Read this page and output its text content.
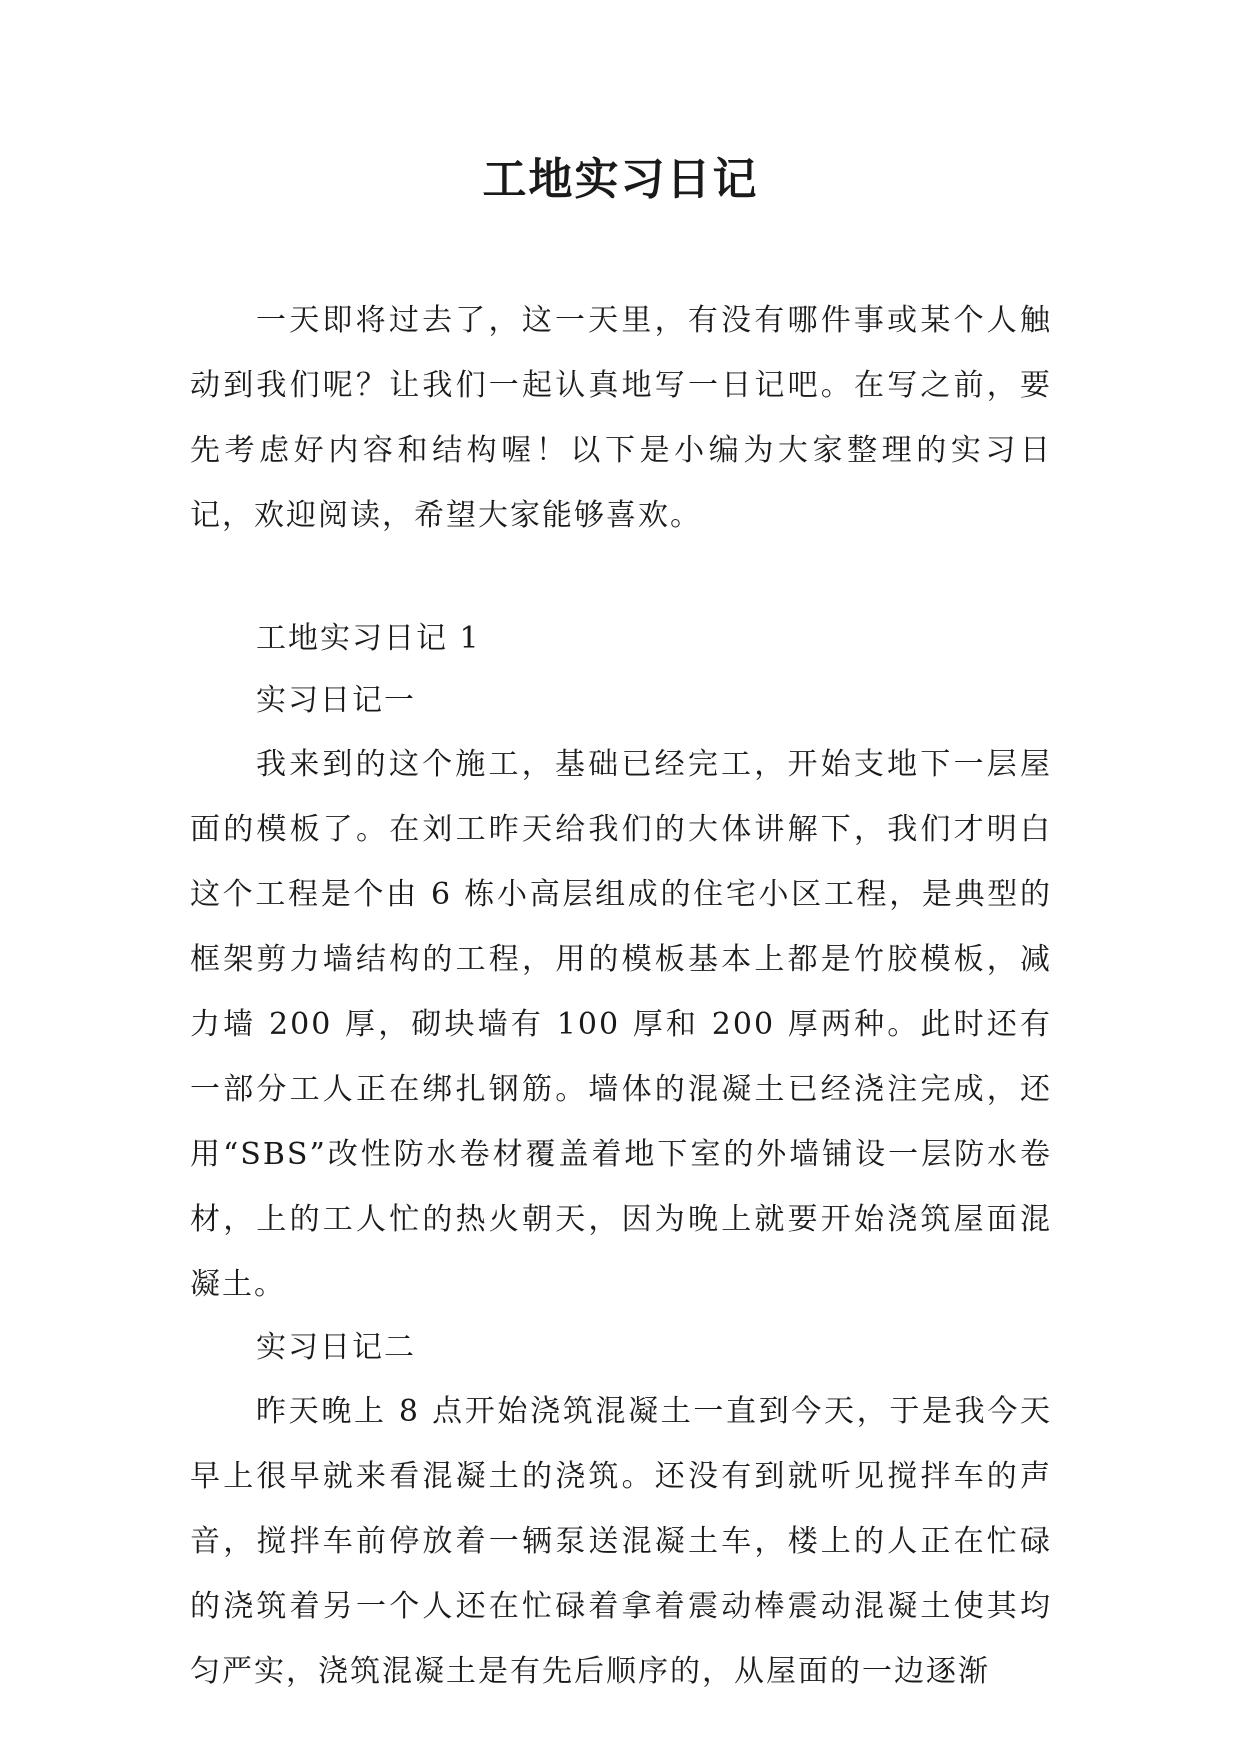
工地实习日记

一天即将过去了，这一天里，有没有哪件事或某个人触动到我们呢？让我们一起认真地写一日记吧。在写之前，要先考虑好内容和结构喔！以下是小编为大家整理的实习日记，欢迎阅读，希望大家能够喜欢。

工地实习日记 1

实习日记一

我来到的这个施工，基础已经完工，开始支地下一层屋面的模板了。在刘工昨天给我们的大体讲解下，我们才明白这个工程是个由 6 栋小高层组成的住宅小区工程，是典型的框架剪力墙结构的工程，用的模板基本上都是竹胶模板，减力墙 200 厚，砌块墙有 100 厚和 200 厚两种。此时还有一部分工人正在绑扎钢筋。墙体的混凝土已经浇注完成，还用“SBS”改性防水卷材覆盖着地下室的外墙铺设一层防水卷材，上的工人忙的热火朝天，因为晚上就要开始浇筑屋面混凝土。

实习日记二

昨天晚上 8 点开始浇筑混凝土一直到今天，于是我今天早上很早就来看混凝土的浇筑。还没有到就听见搅拌车的声音，搅拌车前停放着一辆泵送混凝土车，楼上的人正在忙碌的浇筑着另一个人还在忙碌着拿着震动棒震动混凝土使其均匀严实，浇筑混凝土是有先后顺序的，从屋面的一边逐渐
